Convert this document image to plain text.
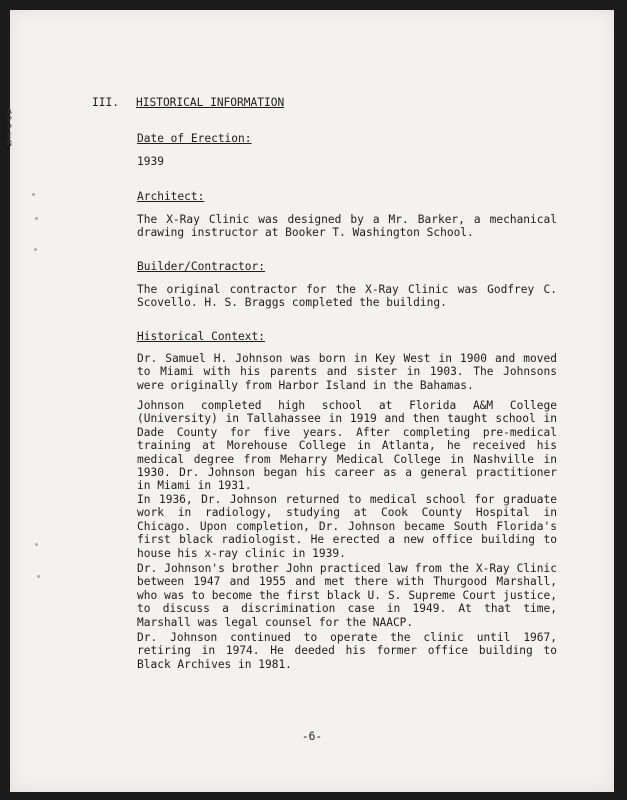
APPEN
III. HISTORICAL INFORMATION
Date of Erection:
1939
Architect:
The X-Ray Clinic was designed by a Mr. Barker, a mechanical drawing instructor at Booker T. Washington School.
Builder/Contractor:
The original contractor for the X-Ray Clinic was Godfrey C. Scovello. H. S. Braggs completed the building.
Historical Context:
Dr. Samuel H. Johnson was born in Key West in 1900 and moved to Miami with his parents and sister in 1903. The Johnsons were originally from Harbor Island in the Bahamas.
Johnson completed high school at Florida A&M College (University) in Tallahassee in 1919 and then taught school in Dade County for five years. After completing pre-medical training at Morehouse College in Atlanta, he received his medical degree from Meharry Medical College in Nashville in 1930. Dr. Johnson began his career as a general practitioner in Miami in 1931.
In 1936, Dr. Johnson returned to medical school for graduate work in radiology, studying at Cook County Hospital in Chicago. Upon completion, Dr. Johnson became South Florida's first black radiologist. He erected a new office building to house his x-ray clinic in 1939.
Dr. Johnson's brother John practiced law from the X-Ray Clinic between 1947 and 1955 and met there with Thurgood Marshall, who was to become the first black U. S. Supreme Court justice, to discuss a discrimination case in 1949. At that time, Marshall was legal counsel for the NAACP.
Dr. Johnson continued to operate the clinic until 1967, retiring in 1974. He deeded his former office building to Black Archives in 1981.
-6-
